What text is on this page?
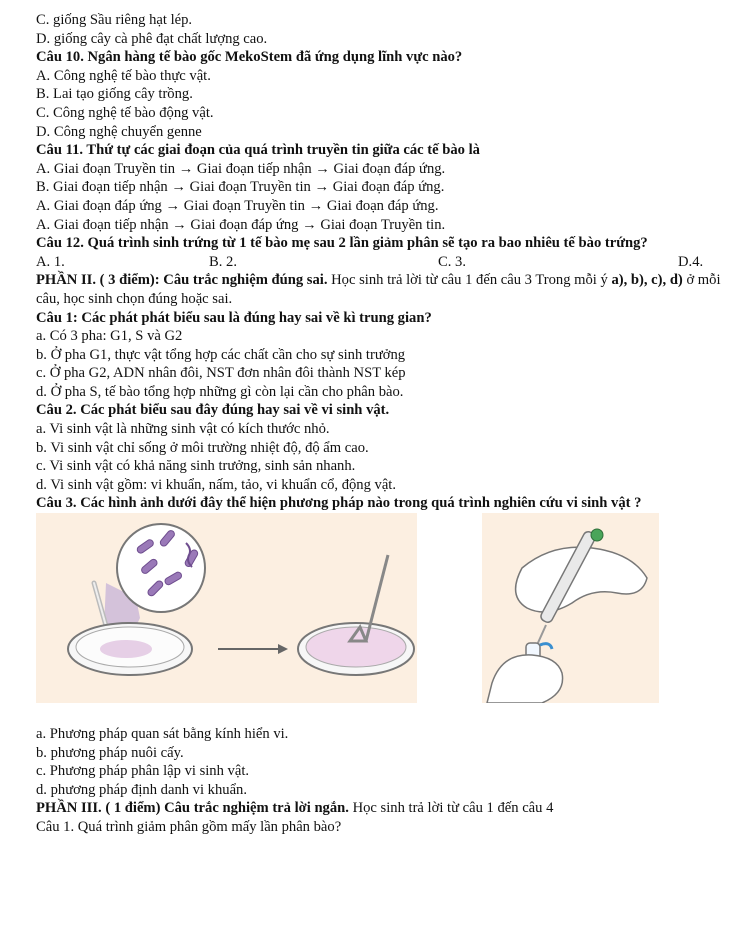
C. giống Sầu riêng hạt lép.
D. giống cây cà phê đạt chất lượng cao.
Câu 10. Ngân hàng tế bào gốc MekoStem đã ứng dụng lĩnh vực nào?
A. Công nghệ tế bào thực vật.
B. Lai tạo giống cây trồng.
C. Công nghệ tế bào động vật.
D. Công nghệ chuyển genne
Câu 11. Thứ tự các giai đoạn của quá trình truyền tin giữa các tế bào là
A. Giai đoạn Truyền tin → Giai đoạn tiếp nhận → Giai đoạn đáp ứng.
B. Giai đoạn tiếp nhận → Giai đoạn Truyền tin → Giai đoạn đáp ứng.
A. Giai đoạn đáp ứng → Giai đoạn Truyền tin → Giai đoạn đáp ứng.
A. Giai đoạn tiếp nhận → Giai đoạn đáp ứng → Giai đoạn Truyền tin.
Câu 12. Quá trình sinh trứng từ 1 tế bào mẹ sau 2 lần giảm phân sẽ tạo ra bao nhiêu tế bào trứng?
A. 1.	B. 2.	C. 3.	D.4.
PHẦN II. ( 3 điểm): Câu trắc nghiệm đúng sai. Học sinh trả lời từ câu 1 đến câu 3 Trong mỗi ý a), b), c), d) ở mỗi câu, học sinh chọn đúng hoặc sai.
Câu 1: Các phát phát biểu sau là đúng hay sai về kì trung gian?
a. Có 3 pha: G1, S và G2
b. Ở pha G1, thực vật tổng hợp các chất cần cho sự sinh trưởng
c. Ở pha G2, ADN nhân đôi, NST đơn nhân đôi thành NST kép
d. Ở pha S, tế bào tổng hợp những gì còn lại cần cho phân bào.
Câu 2. Các phát biểu sau đây đúng hay sai về vi sinh vật.
a. Vi sinh vật là những sinh vật có kích thước nhỏ.
b. Vi sinh vật chỉ sống ở môi trường nhiệt độ, độ ẩm cao.
c. Vi sinh vật có khả năng sinh trưởng, sinh sản nhanh.
d. Vi sinh vật gồm: vi khuẩn, nấm, tảo, vi khuẩn cổ, động vật.
Câu 3. Các hình ảnh dưới đây thể hiện phương pháp nào trong quá trình nghiên cứu vi sinh vật ?
a. Phương pháp quan sát bằng kính hiển vi.
b. phương pháp nuôi cấy.
c. Phương pháp phân lập vi sinh vật.
d. phương pháp định danh vi khuẩn.
PHẦN III. ( 1 điểm) Câu trắc nghiệm trả lời ngắn. Học sinh trả lời từ câu 1 đến câu 4
Câu 1. Quá trình giảm phân gồm mấy lần phân bào?
